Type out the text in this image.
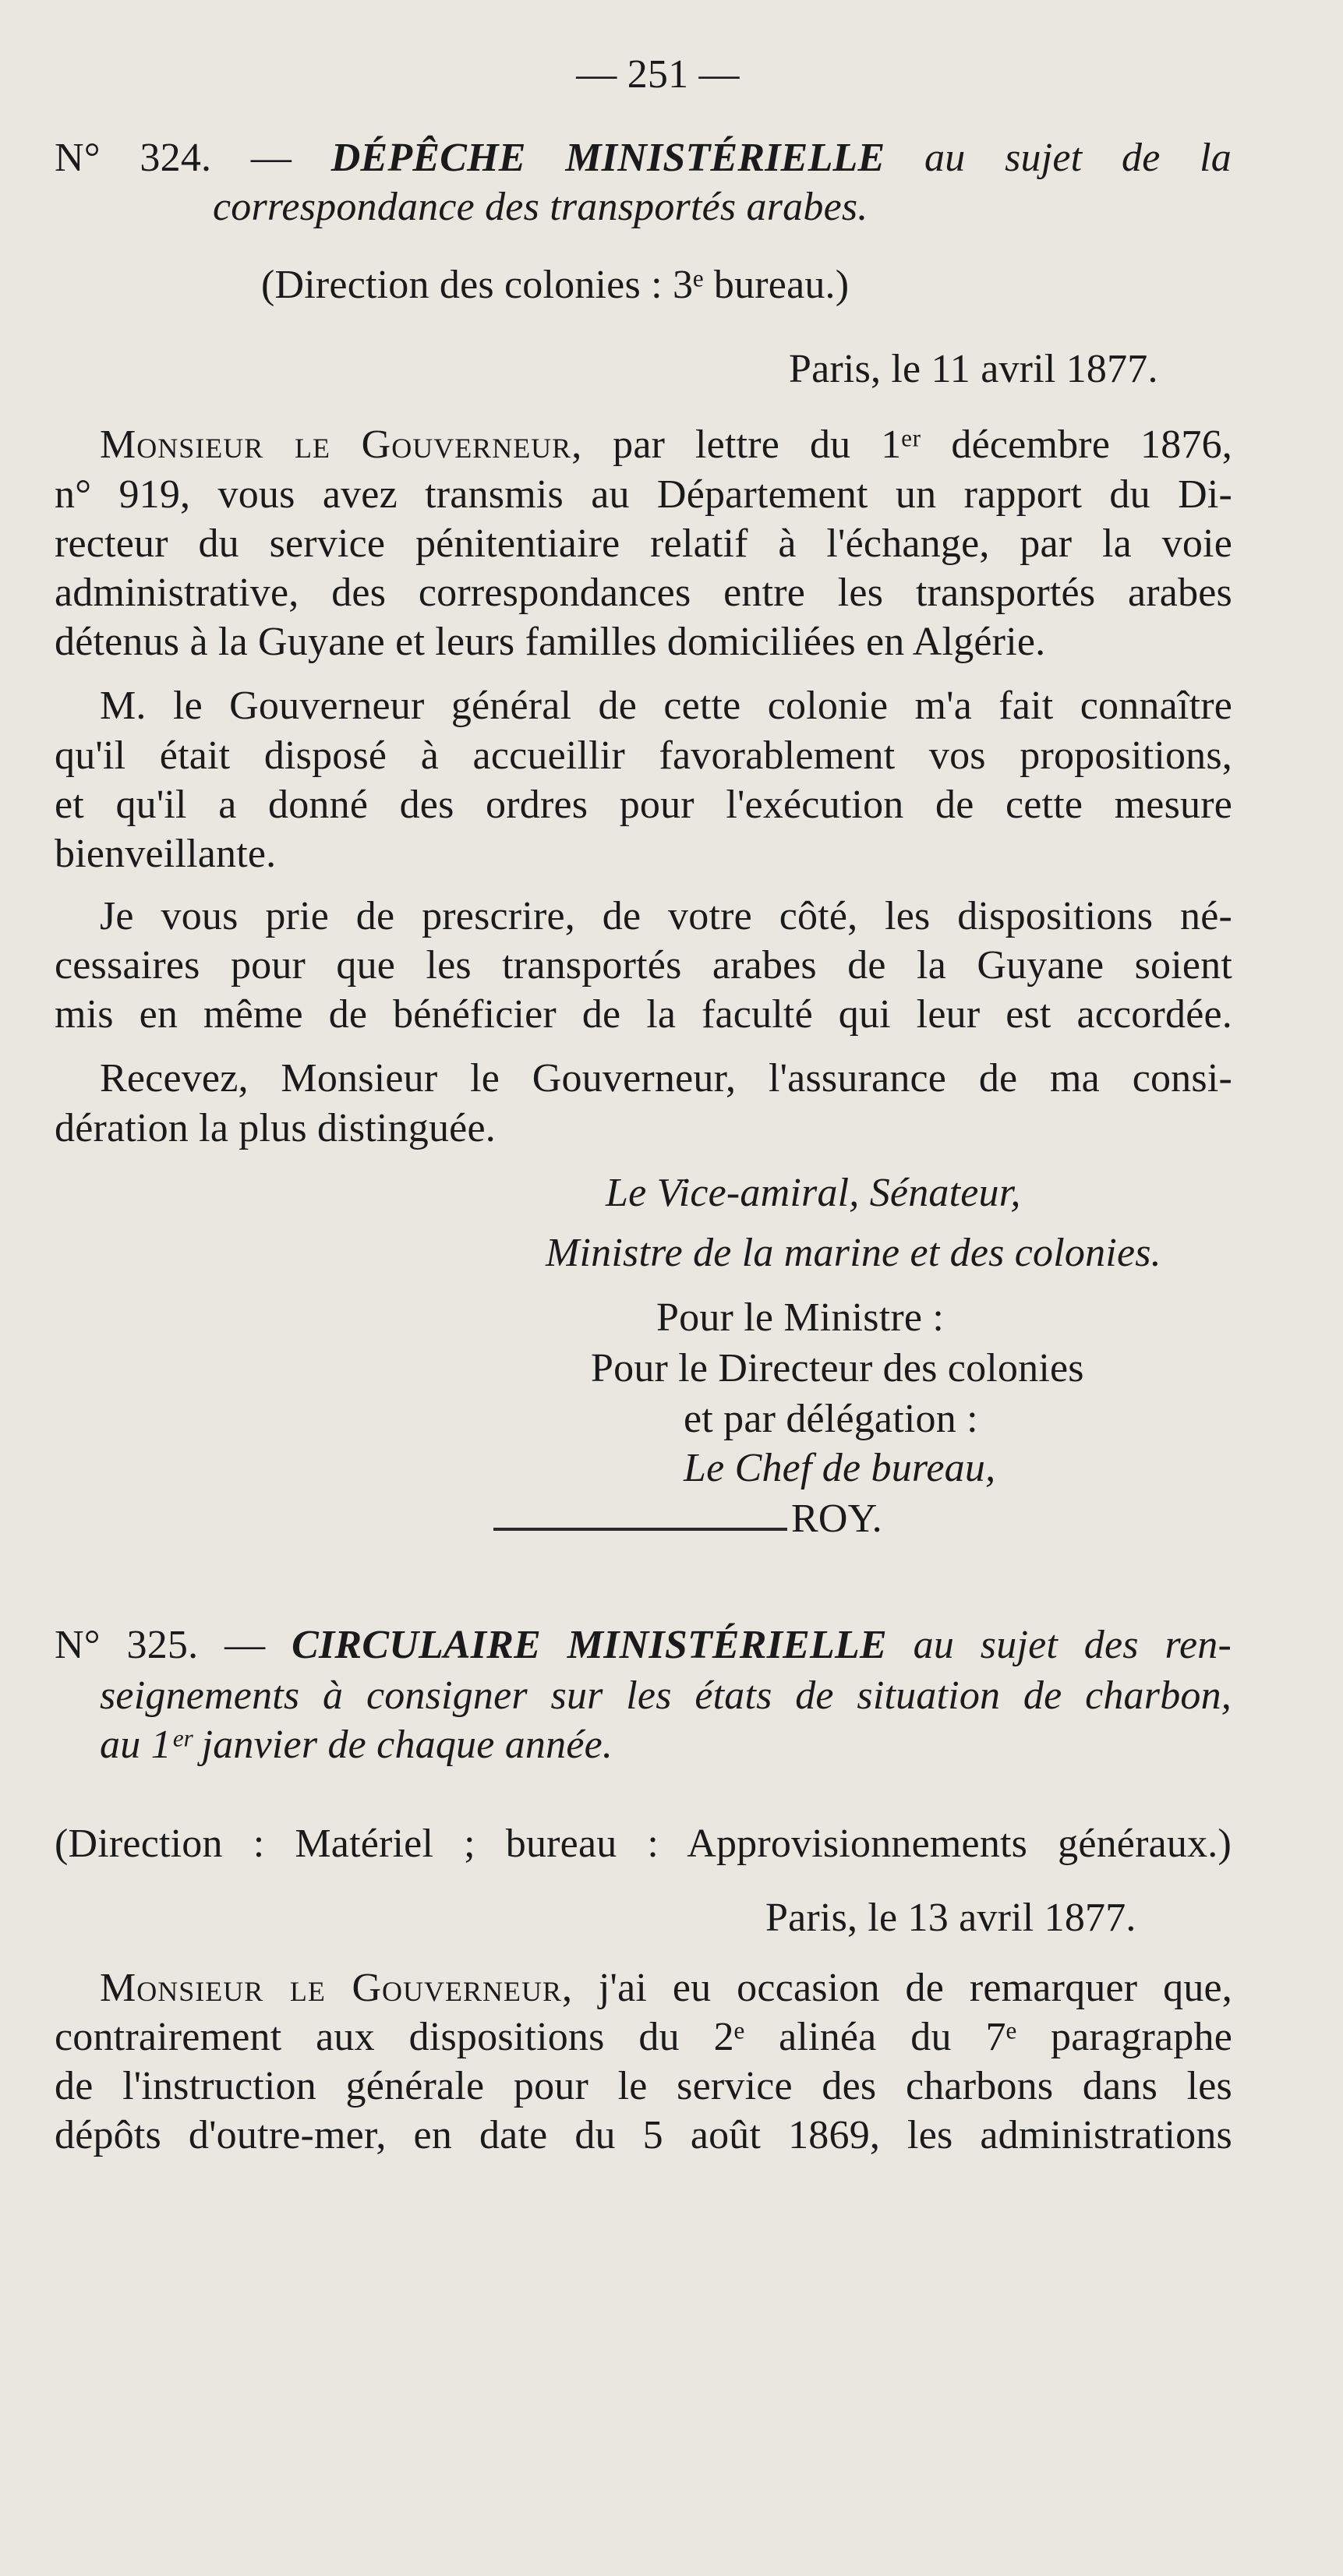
— 251 —
N° 324. — DÉPÊCHE MINISTÉRIELLE au sujet de la
correspondance des transportés arabes.
(Direction des colonies : 3ᵉ bureau.)
Paris, le 11 avril 1877.
Monsieur le Gouverneur, par lettre du 1ᵉʳ décembre 1876,
n° 919, vous avez transmis au Département un rapport du Di-
recteur du service pénitentiaire relatif à l'échange, par la voie
administrative, des correspondances entre les transportés arabes
détenus à la Guyane et leurs familles domiciliées en Algérie.
M. le Gouverneur général de cette colonie m'a fait connaître
qu'il était disposé à accueillir favorablement vos propositions,
et qu'il a donné des ordres pour l'exécution de cette mesure
bienveillante.
Je vous prie de prescrire, de votre côté, les dispositions né-
cessaires pour que les transportés arabes de la Guyane soient
mis en même de bénéficier de la faculté qui leur est accordée.
Recevez, Monsieur le Gouverneur, l'assurance de ma consi-
dération la plus distinguée.
Le Vice-amiral, Sénateur,
Ministre de la marine et des colonies.
Pour le Ministre :
Pour le Directeur des colonies
et par délégation :
Le Chef de bureau,
ROY.
N° 325. — CIRCULAIRE MINISTÉRIELLE au sujet des ren-
seignements à consigner sur les états de situation de charbon,
au 1ᵉʳ janvier de chaque année.
(Direction : Matériel ; bureau : Approvisionnements généraux.)
Paris, le 13 avril 1877.
Monsieur le Gouverneur, j'ai eu occasion de remarquer que,
contrairement aux dispositions du 2ᵉ alinéa du 7ᵉ paragraphe
de l'instruction générale pour le service des charbons dans les
dépôts d'outre-mer, en date du 5 août 1869, les administrations
